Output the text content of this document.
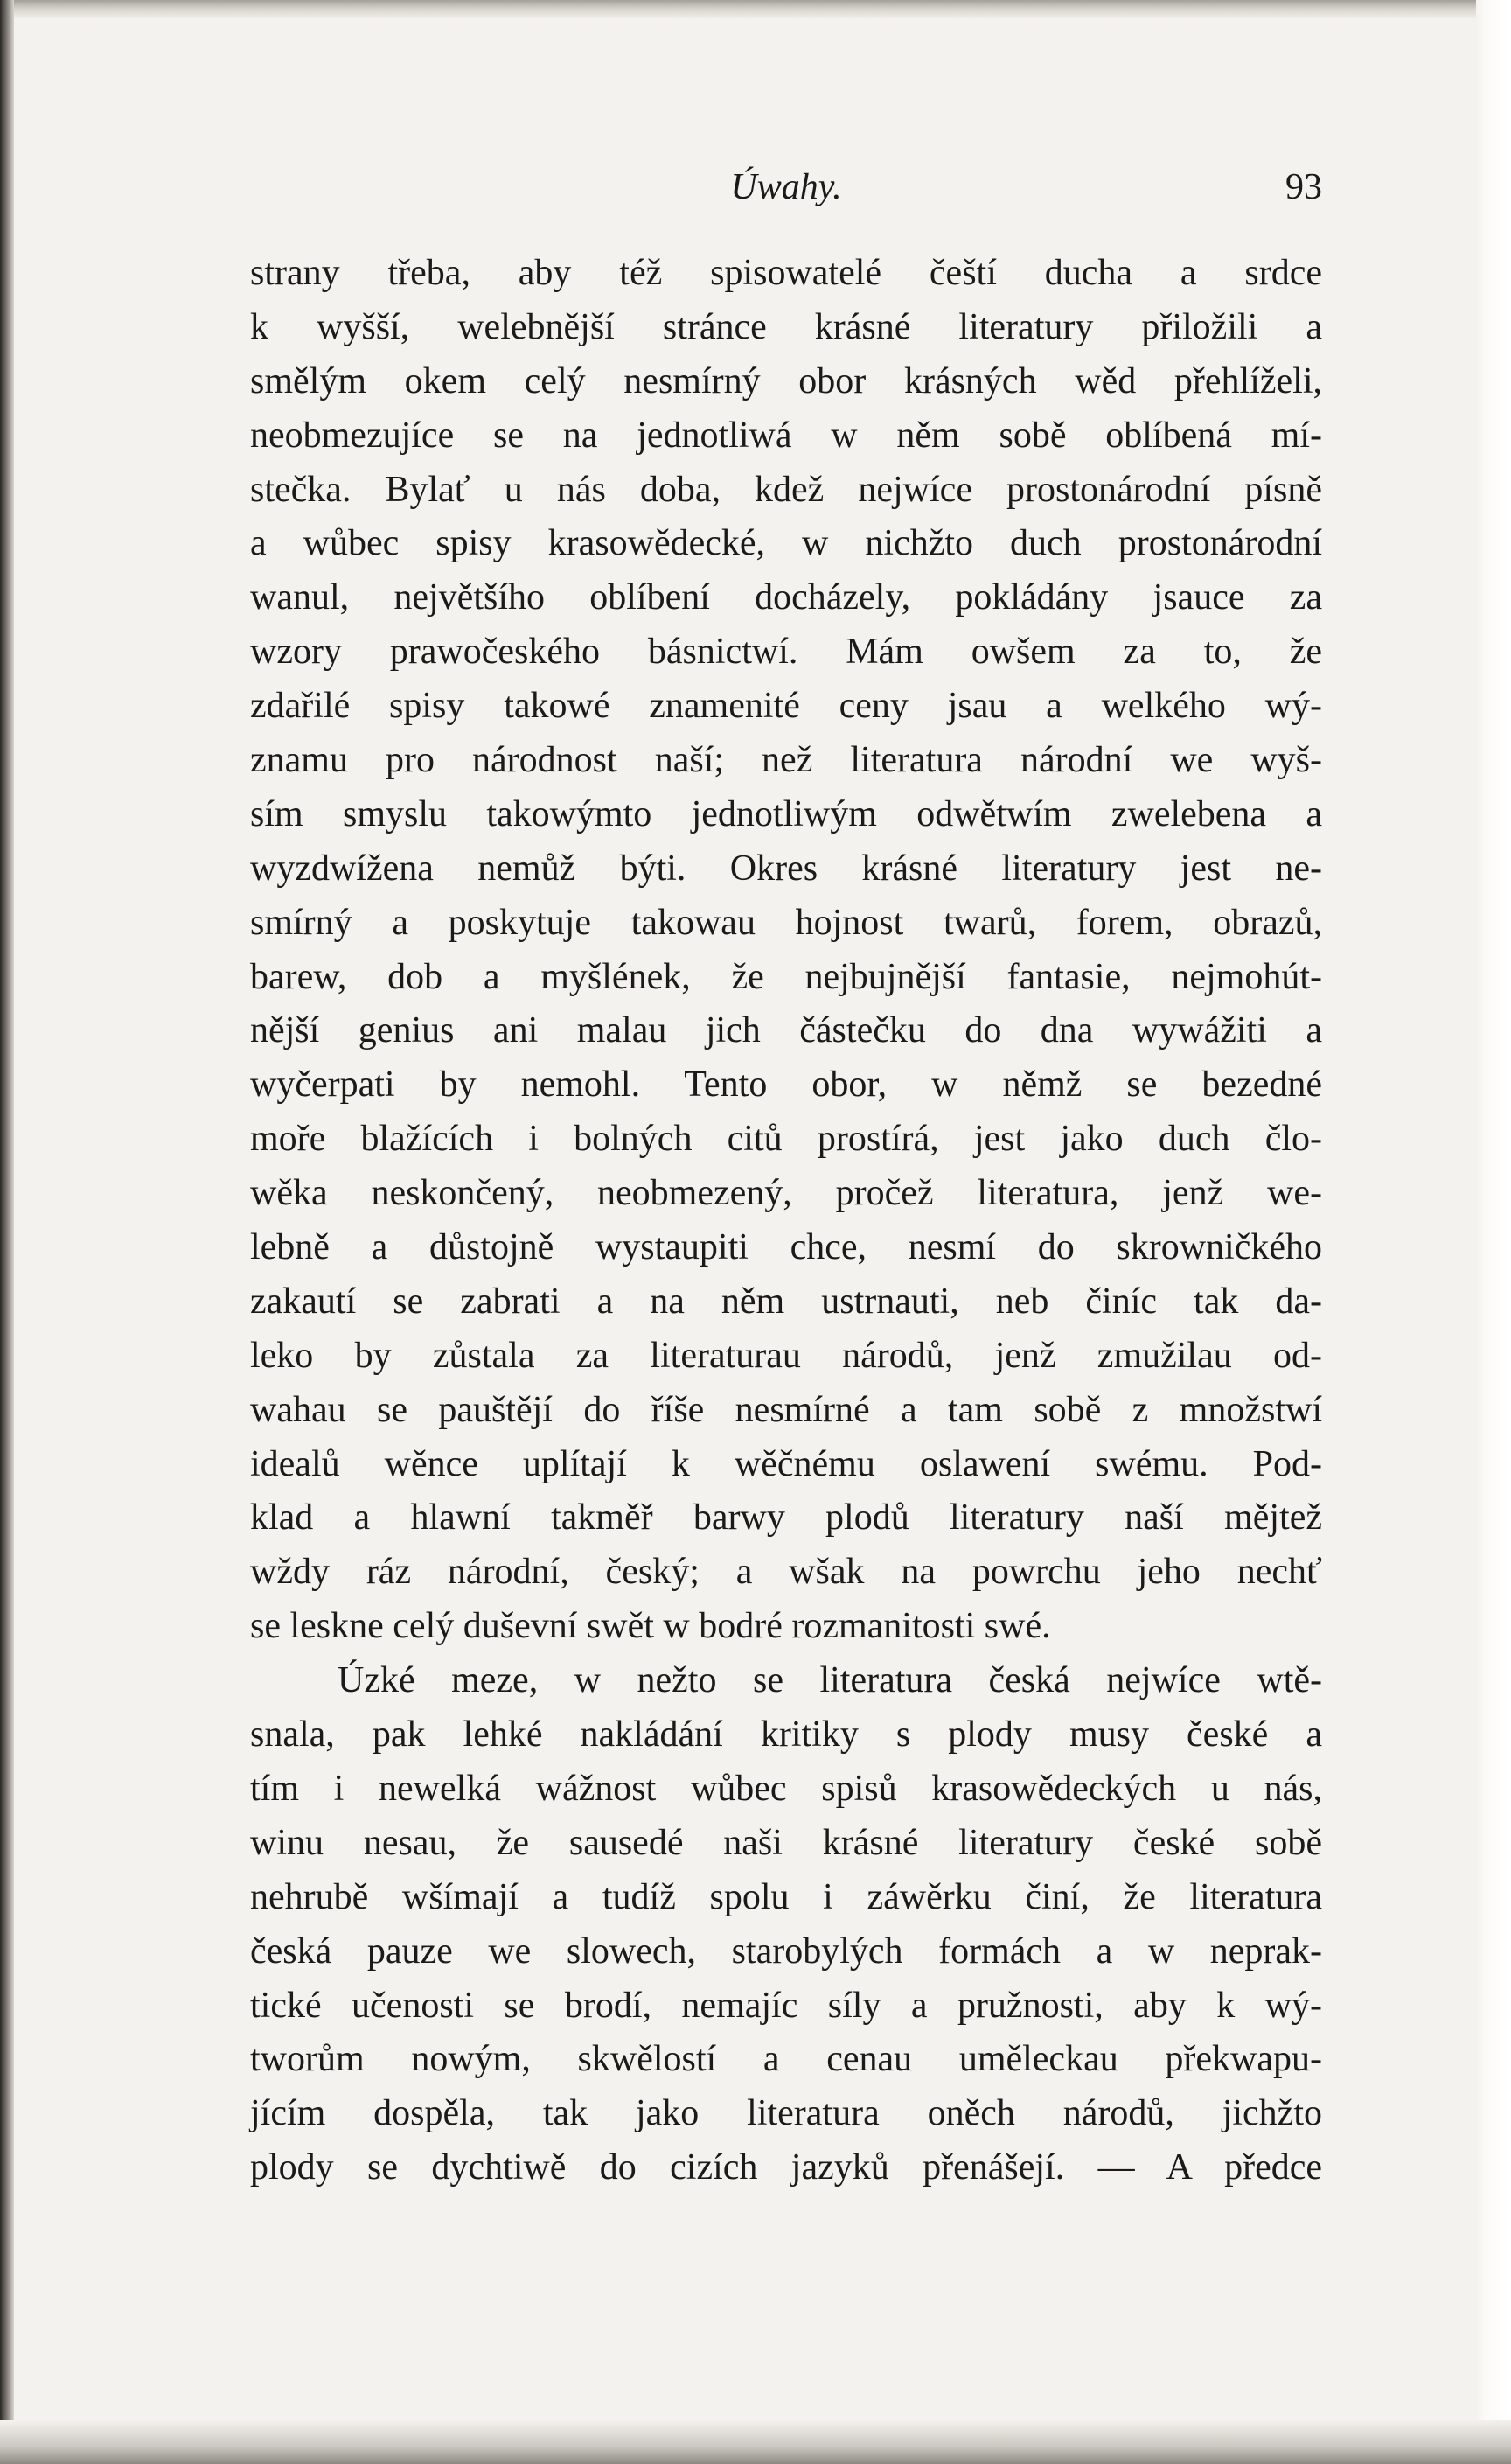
Úwahy.	93
strany třeba, aby též spisowatelé čeští ducha a srdce
k wyšší, welebnější stránce krásné literatury přiložili a
smělým okem celý nesmírný obor krásných wěd přehlíželi,
neobmezujíce se na jednotliwá w něm sobě oblíbená mí-
stečka. Bylať u nás doba, kdež nejwíce prostonárodní písně
a wůbec spisy krasowědecké, w nichžto duch prostonárodní
wanul, největšího oblíbení docházely, pokládány jsauce za
wzory prawočeského básnictwí. Mám owšem za to, že
zdařilé spisy takowé znamenité ceny jsau a welkého wý-
znamu pro národnost naší; než literatura národní we wyš-
sím smyslu takowýmto jednotliwým odwětwím zwelebena a
wyzdwížena nemůž býti. Okres krásné literatury jest ne-
smírný a poskytuje takowau hojnost twarů, forem, obrazů,
barew, dob a myšlének, že nejbujnější fantasie, nejmohút-
nější genius ani malau jich částečku do dna wywážiti a
wyčerpati by nemohl. Tento obor, w němž se bezedné
moře blažících i bolných citů prostírá, jest jako duch člo-
wěka neskončený, neobmezený, pročež literatura, jenž we-
lebně a důstojně wystaupiti chce, nesmí do skrowničkého
zakautí se zabrati a na něm ustrnauti, neb činíc tak da-
leko by zůstala za literaturau národů, jenž zmužilau od-
wahau se pauštějí do říše nesmírné a tam sobě z množstwí
idealů wěnce uplítají k wěčnému oslawení swému. Pod-
klad a hlawní takměř barwy plodů literatury naší mějtež
wždy ráz národní, český; a wšak na powrchu jeho nechť
se leskne celý duševní swět w bodré rozmanitosti swé.
Úzké meze, w nežto se literatura česká nejwíce wtě-
snala, pak lehké nakládání kritiky s plody musy české a
tím i newelká wážnost wůbec spisů krasowědeckých u nás,
winu nesau, že sausedé naši krásné literatury české sobě
nehrubě wšímají a tudíž spolu i záwěrku činí, že literatura
česká pauze we slowech, starobylých formách a w neprak-
tické učenosti se brodí, nemajíc síly a pružnosti, aby k wý-
tworům nowým, skwělostí a cenau uměleckau překwapu-
jícím dospěla, tak jako literatura oněch národů, jichžto
plody se dychtiwě do cizích jazyků přenášejí. — A předce
